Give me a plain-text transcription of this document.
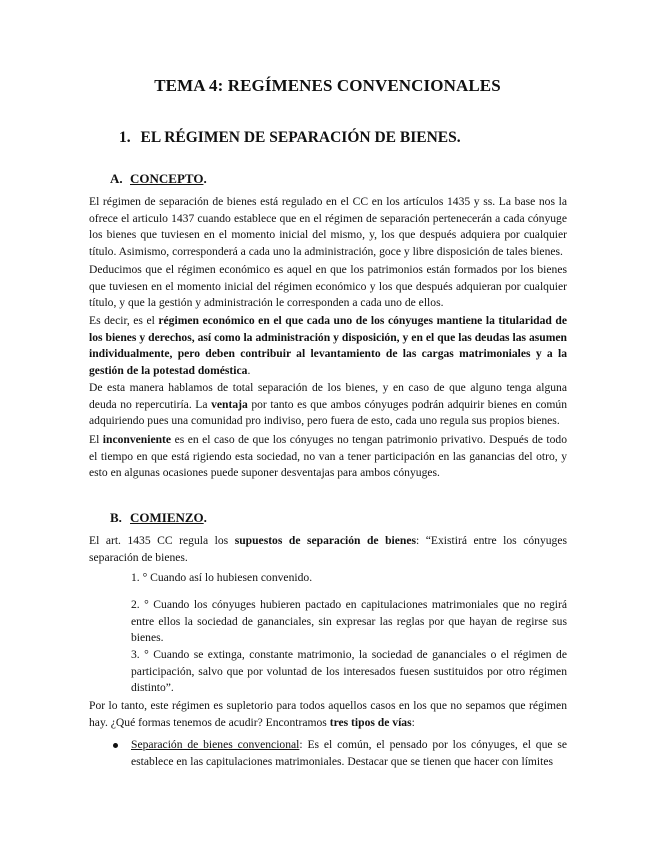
TEMA 4: REGÍMENES CONVENCIONALES
1. EL RÉGIMEN DE SEPARACIÓN DE BIENES.
A. CONCEPTO.

El régimen de separación de bienes está regulado en el CC en los artículos 1435 y ss. La base nos la ofrece el articulo 1437 cuando establece que en el régimen de separación pertenecerán a cada cónyuge los bienes que tuviesen en el momento inicial del mismo, y, los que después adquiera por cualquier título. Asimismo, corresponderá a cada uno la administración, goce y libre disposición de tales bienes.

Deducimos que el régimen económico es aquel en que los patrimonios están formados por los bienes que tuviesen en el momento inicial del régimen económico y los que después adquieran por cualquier título, y que la gestión y administración le corresponden a cada uno de ellos.

Es decir, es el régimen económico en el que cada uno de los cónyuges mantiene la titularidad de los bienes y derechos, así como la administración y disposición, y en el que las deudas las asumen individualmente, pero deben contribuir al levantamiento de las cargas matrimoniales y a la gestión de la potestad doméstica.

De esta manera hablamos de total separación de los bienes, y en caso de que alguno tenga alguna deuda no repercutiría. La ventaja por tanto es que ambos cónyuges podrán adquirir bienes en común adquiriendo pues una comunidad pro indiviso, pero fuera de esto, cada uno regula sus propios bienes.

El inconveniente es en el caso de que los cónyuges no tengan patrimonio privativo. Después de todo el tiempo en que está rigiendo esta sociedad, no van a tener participación en las ganancias del otro, y esto en algunas ocasiones puede suponer desventajas para ambos cónyuges.

B. COMIENZO.

El art. 1435 CC regula los supuestos de separación de bienes: “Existirá entre los cónyuges separación de bienes.

1. ° Cuando así lo hubiesen convenido.

2. ° Cuando los cónyuges hubieren pactado en capitulaciones matrimoniales que no regirá entre ellos la sociedad de gananciales, sin expresar las reglas por que hayan de regirse sus bienes.

3. ° Cuando se extinga, constante matrimonio, la sociedad de gananciales o el régimen de participación, salvo que por voluntad de los interesados fuesen sustituidos por otro régimen distinto”.

Por lo tanto, este régimen es supletorio para todos aquellos casos en los que no sepamos que régimen hay. ¿Qué formas tenemos de acudir? Encontramos tres tipos de vías:

Separación de bienes convencional: Es el común, el pensado por los cónyuges, el que se establece en las capitulaciones matrimoniales. Destacar que se tienen que hacer con límites
